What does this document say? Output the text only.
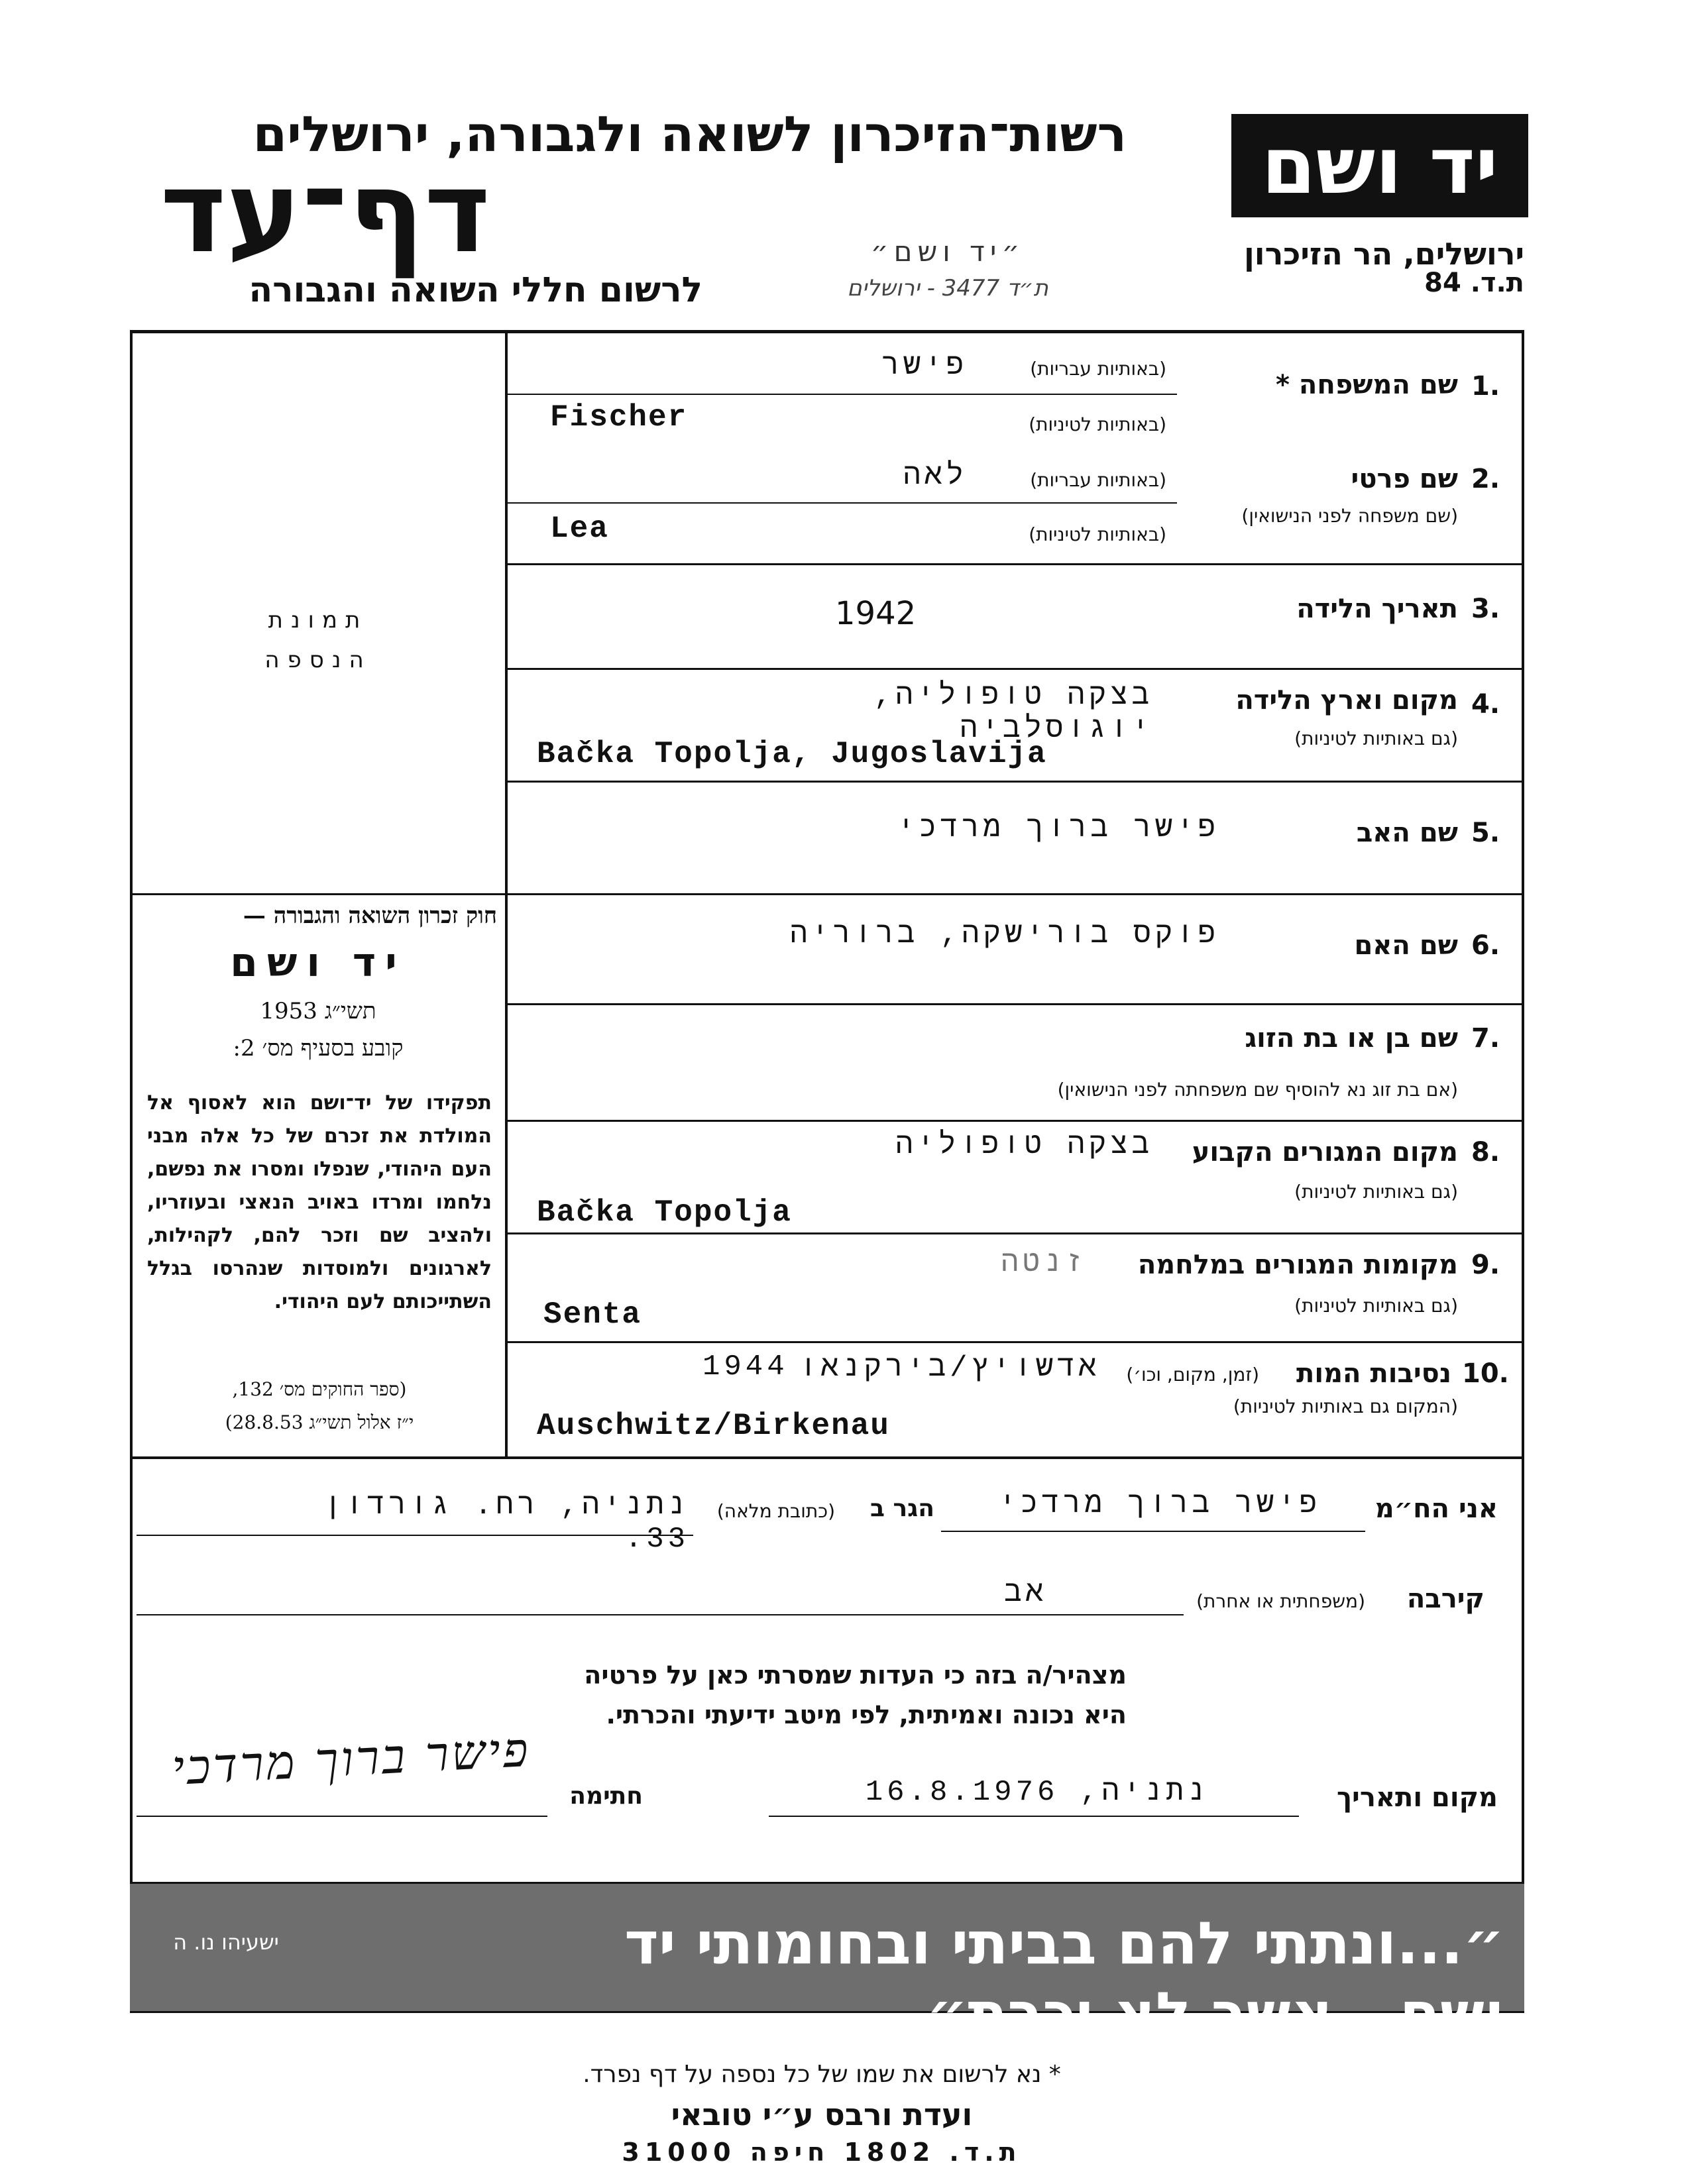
יד ושם
ירושלים, הר הזיכרון
ת.ד. 84
רשות־הזיכרון לשואה ולגבורה, ירושלים
דף־עד
לרשום חללי השואה והגבורה
״יד ושם״
ת״ד 3477 - ירושלים
תמונת
הנספה
חוק זכרון השואה והגבורה —
יד ושם
תשי״ג 1953
קובע בסעיף מס׳ 2:
תפקידו של יד־ושם הוא לאסוף אל המולדת את זכרם של כל אלה מבני העם היהודי, שנפלו ומסרו את נפשם, נלחמו ומרדו באויב הנאצי ובעוזריו, ולהציב שם וזכר להם, לקהילות, לארגונים ולמוסדות שנהרסו בגלל השתייכותם לעם היהודי.
(ספר החוקים מס׳ 132,
י״ז אלול תשי״ג 28.8.53)
1.
שם המשפחה *
(באותיות עבריות)
פישר
(באותיות לטיניות)
Fischer
2.
שם פרטי
(שם משפחה לפני הנישואין)
(באותיות עבריות)
לאה
(באותיות לטיניות)
Lea
3.
תאריך הלידה
1942
4.
מקום וארץ הלידה
(גם באותיות לטיניות)
בצקה טופוליה, יוגוסלביה
Bačka Topolja, Jugoslavija
5.
שם האב
פישר ברוך מרדכי
6.
שם האם
פוקס בורישקה, ברוריה
7.
שם בן או בת הזוג
(אם בת זוג נא להוסיף שם משפחתה לפני הנישואין)
8.
מקום המגורים הקבוע
(גם באותיות לטיניות)
בצקה טופוליה
Bačka Topolja
9.
מקומות המגורים במלחמה
(גם באותיות לטיניות)
זנטה
Senta
10.
נסיבות המות
(זמן, מקום, וכו׳)
(המקום גם באותיות לטיניות)
אדשויץ/בירקנאו
1944
Auschwitz/Birkenau
אני הח״מ
פישר ברוך מרדכי
הגר ב
(כתובת מלאה)
נתניה, רח. גורדון 33.
קירבה
(משפחתית או אחרת)
אב
מצהיר/ה בזה כי העדות שמסרתי כאן על פרטיה
היא נכונה ואמיתית, לפי מיטב ידיעתי והכרתי.
מקום ותאריך
נתניה, 16.8.1976
חתימה
פישר ברוך מרדכי
״...ונתתי להם בביתי ובחומותי יד ושם...אשר לא יכרת״
ישעיהו נו. ה
* נא לרשום את שמו של כל נספה על דף נפרד.
ועדת ורבס ע״י טובאי
ת.ד. 1802 חיפה 31000
